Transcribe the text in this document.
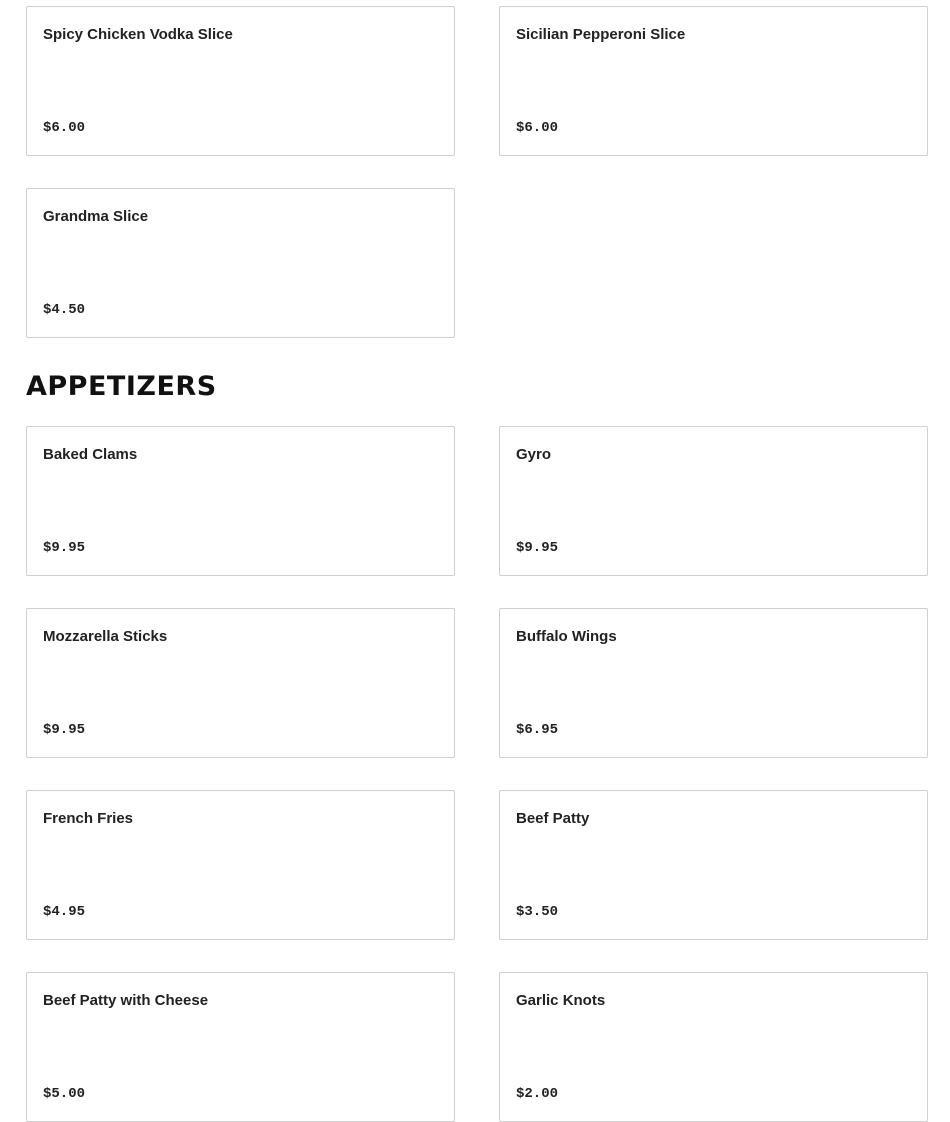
Spicy Chicken Vodka Slice
$6.00
Sicilian Pepperoni Slice
$6.00
Grandma Slice
$4.50
APPETIZERS
Baked Clams
$9.95
Gyro
$9.95
Mozzarella Sticks
$9.95
Buffalo Wings
$6.95
French Fries
$4.95
Beef Patty
$3.50
Beef Patty with Cheese
$5.00
Garlic Knots
$2.00
